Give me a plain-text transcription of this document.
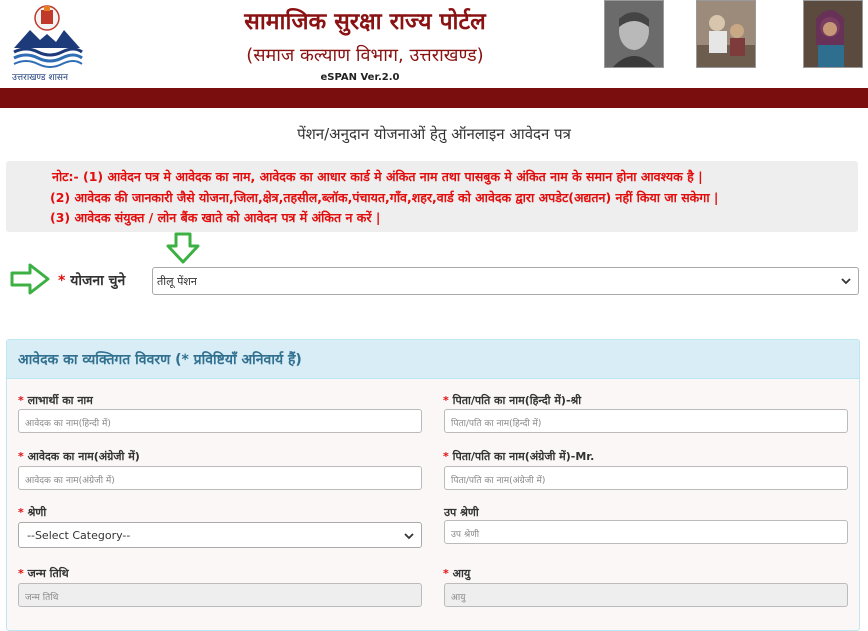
उत्तराखण्ड शासन
सामाजिक सुरक्षा राज्य पोर्टल
(समाज कल्याण विभाग, उत्तराखण्ड)
eSPAN Ver.2.0
पेंशन/अनुदान योजनाओं हेतु ऑनलाइन आवेदन पत्र
नोट:- (1) आवेदन पत्र मे आवेदक का नाम, आवेदक का आधार कार्ड मे अंकित नाम तथा पासबुक मे अंकित नाम के समान होना आवश्यक है |
(2) आवेदक की जानकारी जैसे योजना,जिला,क्षेत्र,तहसील,ब्लॉक,पंचायत,गाँव,शहर,वार्ड को आवेदक द्वारा अपडेट(अद्यतन) नहीं किया जा सकेगा |
(3) आवेदक संयुक्त / लोन बैंक खाते को आवेदन पत्र में अंकित न करें |
* योजना चुने	तीलू पेंशन
आवेदक का व्यक्तिगत विवरण (* प्रविष्टियाँ अनिवार्य हैं)
* लाभार्थी का नाम
आवेदक का नाम(हिन्दी में)
* पिता/पति का नाम(हिन्दी में)-श्री
पिता/पति का नाम(हिन्दी में)
* आवेदक का नाम(अंग्रेजी में)
आवेदक का नाम(अंग्रेजी में)
* पिता/पति का नाम(अंग्रेजी में)-Mr.
पिता/पति का नाम(अंग्रेजी में)
* श्रेणी
--Select Category--
उप श्रेणी
उप श्रेणी
* जन्म तिथि
जन्म तिथि
* आयु
आयु
